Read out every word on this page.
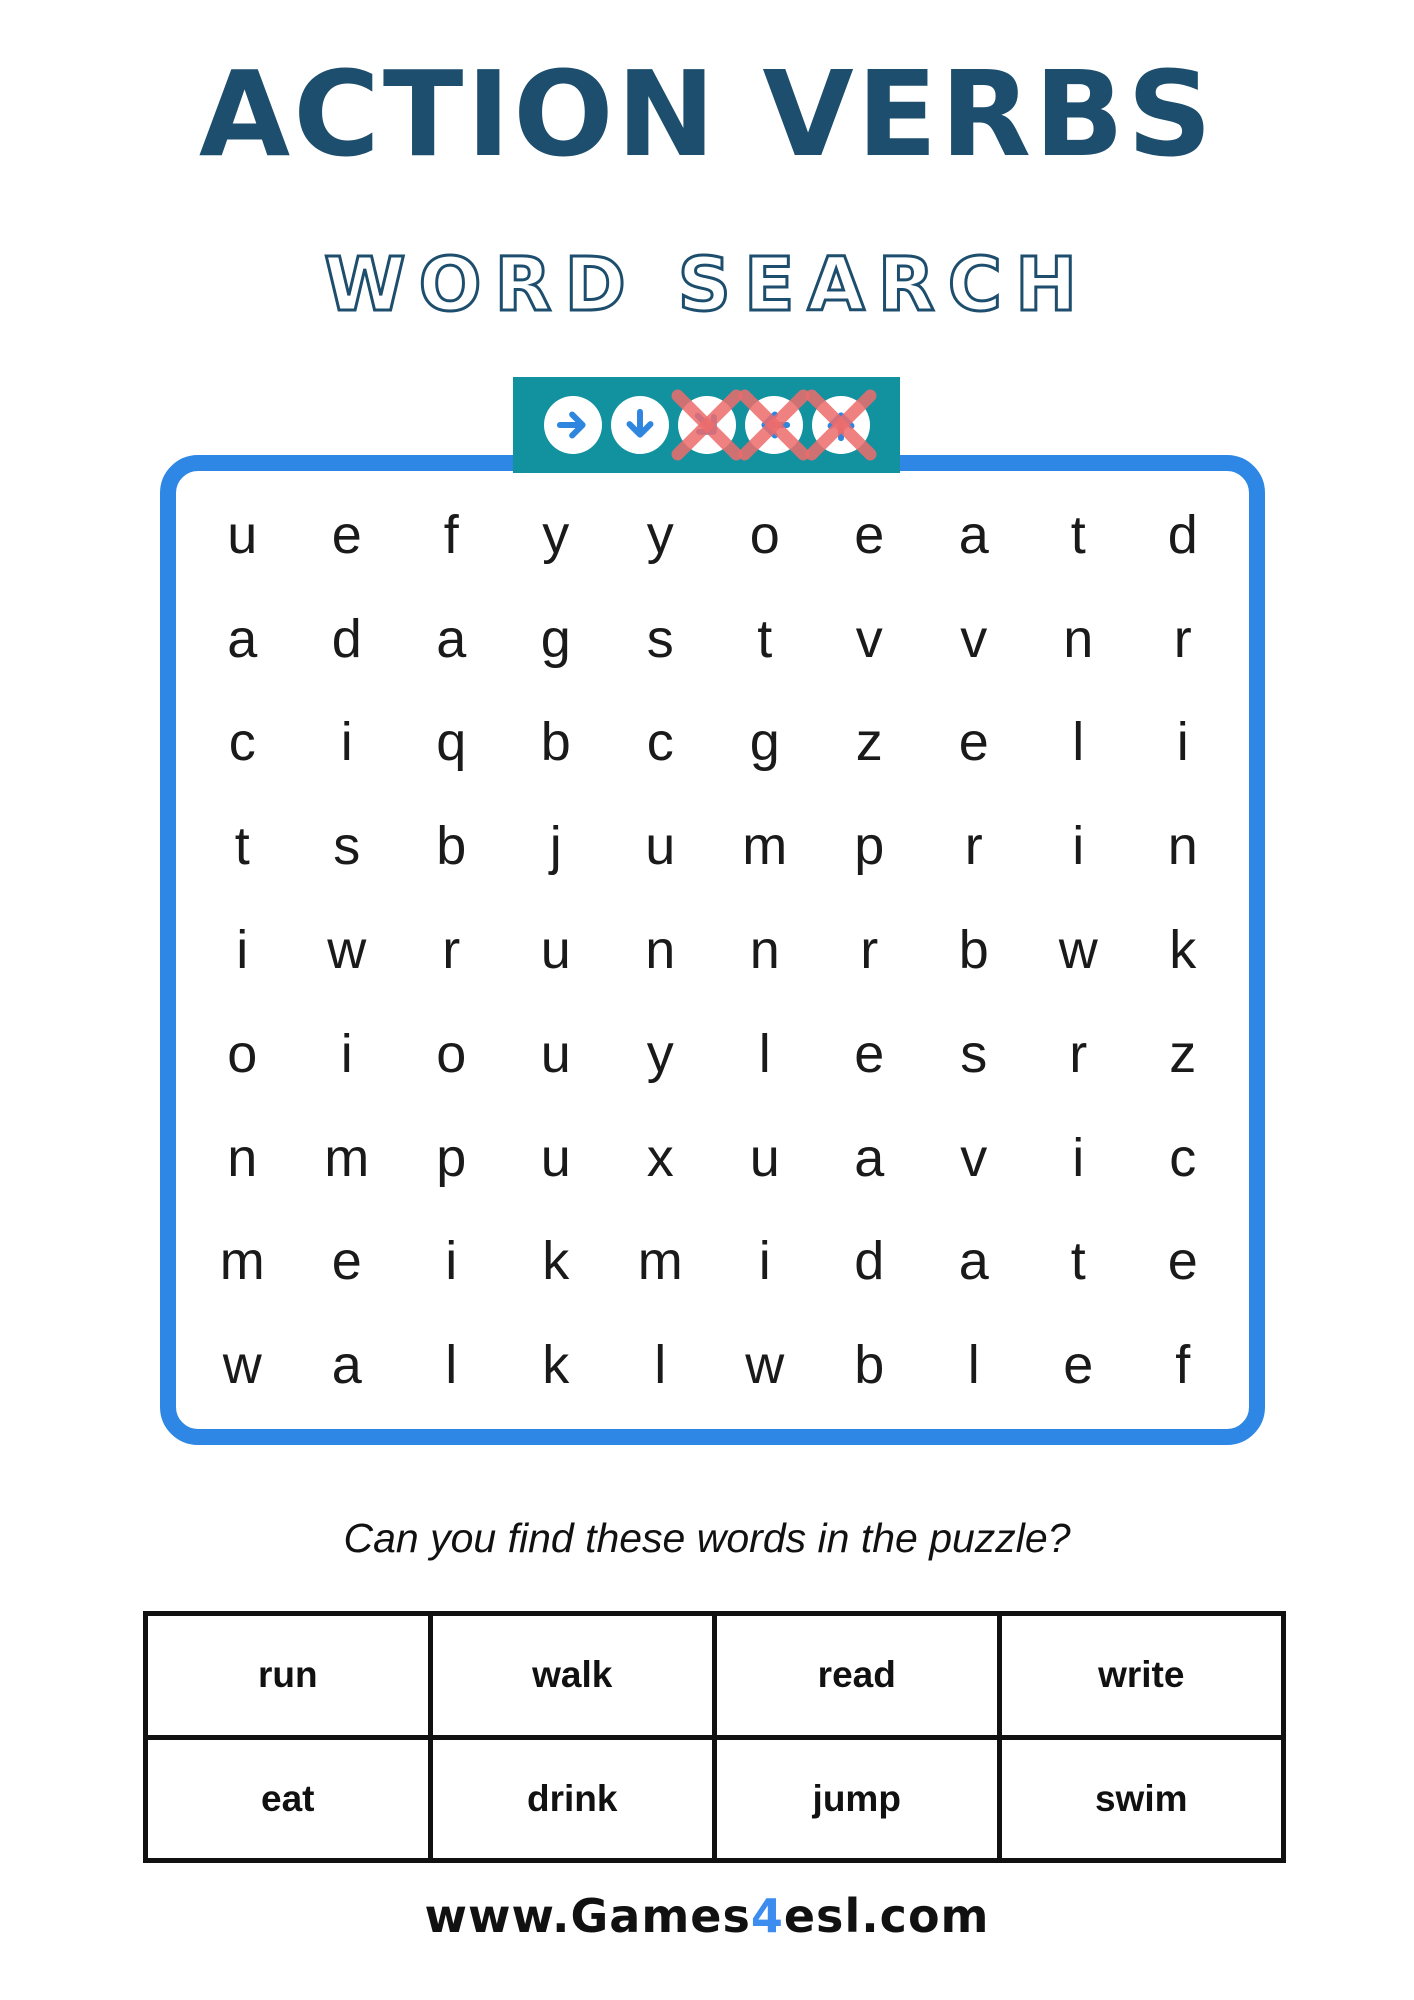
ACTION VERBS
WORD SEARCH
u	e	f	y	y	o	e	a	t	d
a	d	a	g	s	t	v	v	n	r
c	i	q	b	c	g	z	e	l	i
t	s	b	j	u	m	p	r	i	n
i	w	r	u	n	n	r	b	w	k
o	i	o	u	y	l	e	s	r	z
n	m	p	u	x	u	a	v	i	c
m	e	i	k	m	i	d	a	t	e
w	a	l	k	l	w	b	l	e	f

Can you find these words in the puzzle?

run	walk	read	write
eat	drink	jump	swim
www.Games4esl.com
